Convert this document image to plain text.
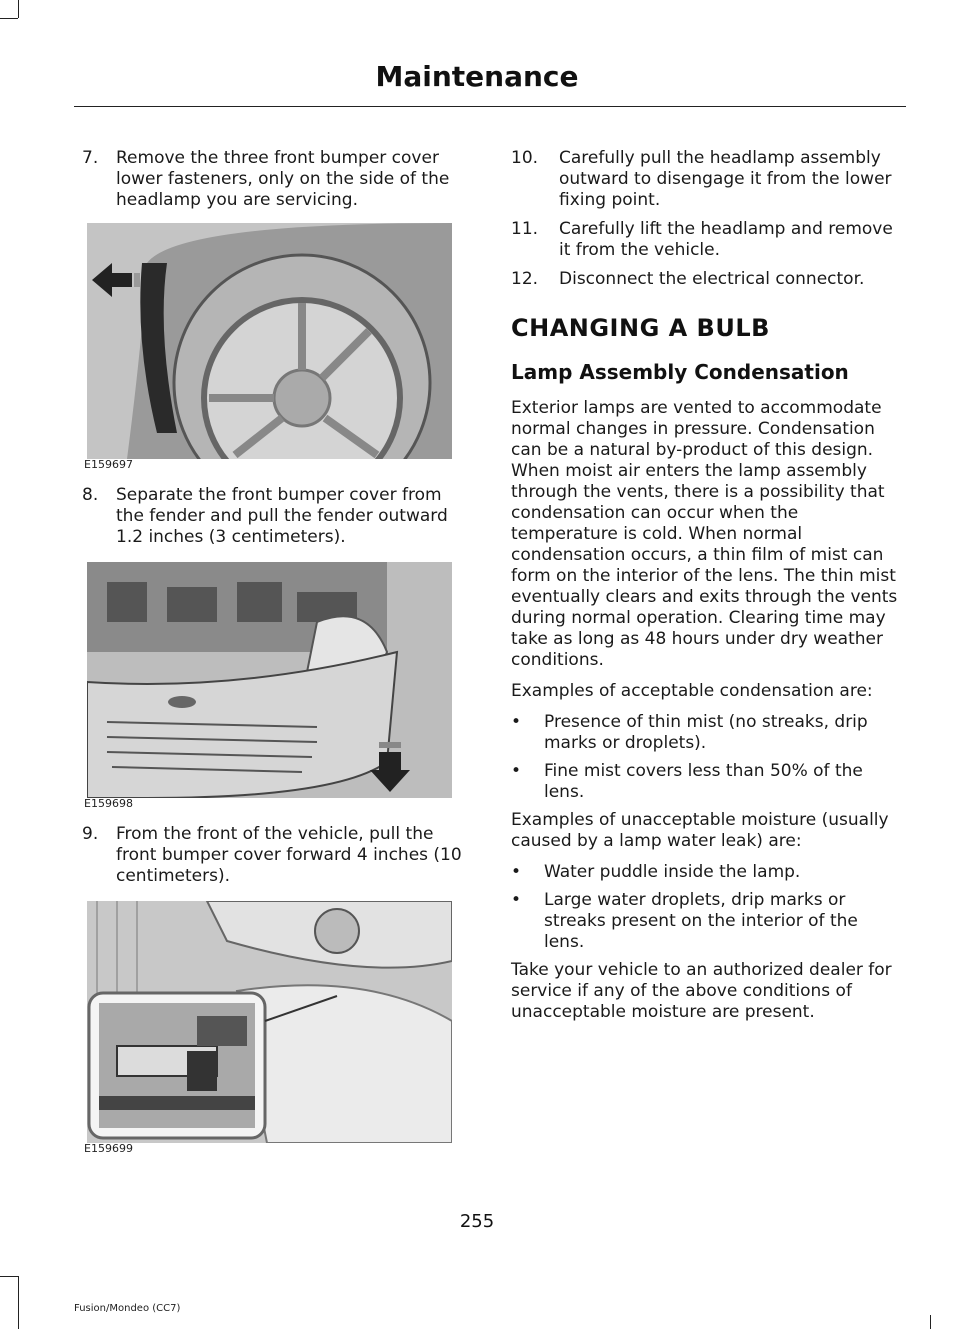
Maintenance
7. Remove the three front bumper cover lower fasteners, only on the side of the headlamp you are servicing.
E159697
8. Separate the front bumper cover from the fender and pull the fender outward 1.2 inches (3 centimeters).
E159698
9. From the front of the vehicle, pull the front bumper cover forward 4 inches (10 centimeters).
E159699
10. Carefully pull the headlamp assembly outward to disengage it from the lower fixing point.
11. Carefully lift the headlamp and remove it from the vehicle.
12. Disconnect the electrical connector.
CHANGING A BULB
Lamp Assembly Condensation

Exterior lamps are vented to accommodate normal changes in pressure. Condensation can be a natural by-product of this design. When moist air enters the lamp assembly through the vents, there is a possibility that condensation can occur when the temperature is cold. When normal condensation occurs, a thin film of mist can form on the interior of the lens. The thin mist eventually clears and exits through the vents during normal operation. Clearing time may take as long as 48 hours under dry weather conditions.

Examples of acceptable condensation are:

• Presence of thin mist (no streaks, drip marks or droplets).
• Fine mist covers less than 50% of the lens.

Examples of unacceptable moisture (usually caused by a lamp water leak) are:

• Water puddle inside the lamp.
• Large water droplets, drip marks or streaks present on the interior of the lens.

Take your vehicle to an authorized dealer for service if any of the above conditions of unacceptable moisture are present.

255
Fusion/Mondeo (CC7)
